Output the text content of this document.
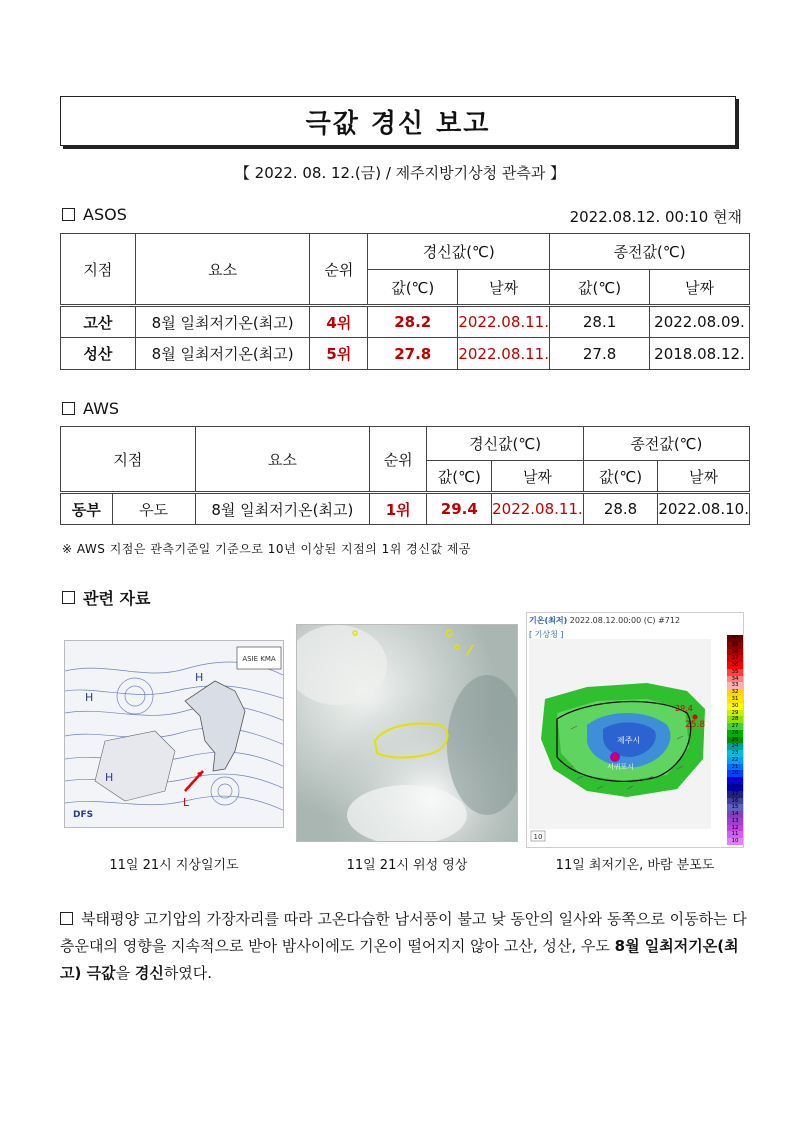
극값 경신 보고
【 2022. 08. 12.(금) / 제주지방기상청 관측과 】
ASOS	2022.08.12. 00:10 현재
지점	요소	순위	경신값(℃)		종전값(℃)	
			값(℃)	날짜	값(℃)	날짜
고산	8월 일최저기온(최고)	4위	28.2	2022.08.11.	28.1	2022.08.09.
성산	8월 일최저기온(최고)	5위	27.8	2022.08.11.	27.8	2018.08.12.
AWS
지점		요소	순위	경신값(℃)		종전값(℃)	
				값(℃)	날짜	값(℃)	날짜
동부	우도	8월 일최저기온(최고)	1위	29.4	2022.08.11.	28.8	2022.08.10.
※ AWS 지점은 관측기준일 기준으로 10년 이상된 지점의 1위 경신값 제공
관련 자료
H
H
L
H
ASIE KMA
DFS
11일 21시 지상일기도	11일 21시 위성 영상
기온(최저) 2022.08.12.00:00 (C) #712
[ 기상청 ]
25.8
제주시
서귀포시
29.4
10
40
39
38
37
36
35
34
33
32
31
30
29
28
27
26
25
24
23
22
21
20
19
18
17
16
15
14
13
12
11
10
11일 최저기온, 바람 분포도
북태평양 고기압의 가장자리를 따라 고온다습한 남서풍이 불고 낮 동안의 일사와 동쪽으로 이동하는 다층운대의 영향을 지속적으로 받아 밤사이에도 기온이 떨어지지 않아 고산, 성산, 우도 8월 일최저기온(최고) 극값을 경신하였다.
